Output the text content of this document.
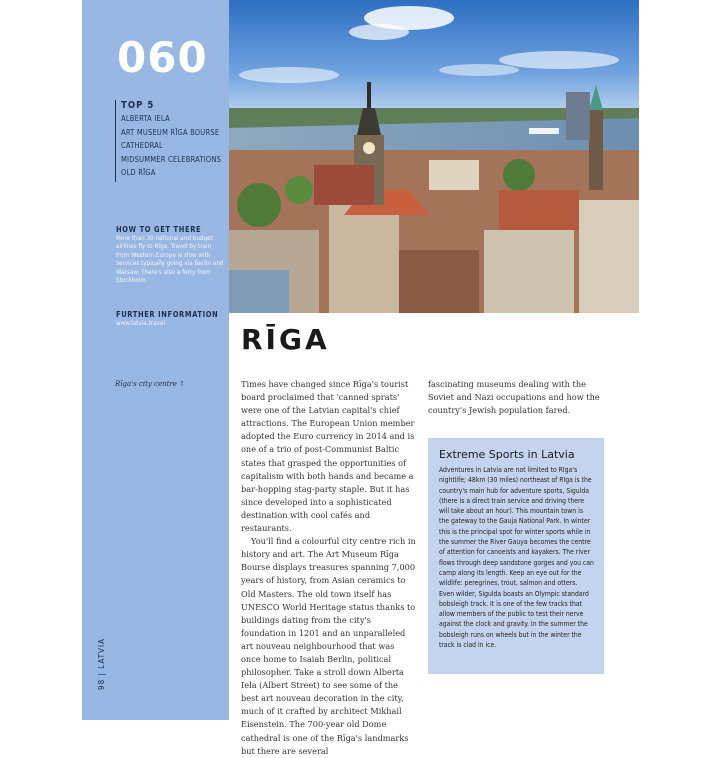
060

TOP 5

ALBERTA IELA
ART MUSEUM RĪGA BOURSE
CATHEDRAL
MIDSUMMER CELEBRATIONS
OLD RĪGA

HOW TO GET THERE

More than 30 national and budget airlines fly to Rīga. Travel by train from Western Europe is slow with services typically going via Berlin and Warsaw. There's also a ferry from Stockholm.

FURTHER INFORMATION

www.latvia.travel

Rīga's city centre ↑
98 | LATVIA
RĪGA

Times have changed since Rīga's tourist board proclaimed that 'canned sprats' were one of the Latvian capital's chief attractions. The European Union member adopted the Euro currency in 2014 and is one of a trio of post-Communist Baltic states that grasped the opportunities of capitalism with both hands and became a bar-hopping stag-party staple. But it has since developed into a sophisticated destination with cool cafés and restaurants.

You'll find a colourful city centre rich in history and art. The Art Museum Rīga Bourse displays treasures spanning 7,000 years of history, from Asian ceramics to Old Masters. The old town itself has UNESCO World Heritage status thanks to buildings dating from the city's foundation in 1201 and an unparalleled art nouveau neighbourhood that was once home to Isaiah Berlin, political philosopher. Take a stroll down Alberta Iela (Albert Street) to see some of the best art nouveau decoration in the city, much of it crafted by architect Mikhail Eisenstein. The 700-year old Dome cathedral is one of the Rīga's landmarks but there are several

fascinating museums dealing with the Soviet and Nazi occupations and how the country's Jewish population fared.

Extreme Sports in Latvia

Adventures in Latvia are not limited to Rīga's nightlife; 48km (30 miles) northeast of Rīga is the country's main hub for adventure sports, Sigulda (there is a direct train service and driving there will take about an hour). This mountain town is the gateway to the Gauja National Park. In winter this is the principal spot for winter sports while in the summer the River Gauya becomes the centre of attention for canoeists and kayakers. The river flows through deep sandstone gorges and you can camp along its length. Keep an eye out for the wildlife: peregrines, trout, salmon and otters. Even wilder, Sigulda boasts an Olympic standard bobsleigh track. It is one of the few tracks that allow members of the public to test their nerve against the clock and gravity. In the summer the bobsleigh runs on wheels but in the winter the track is clad in ice.
